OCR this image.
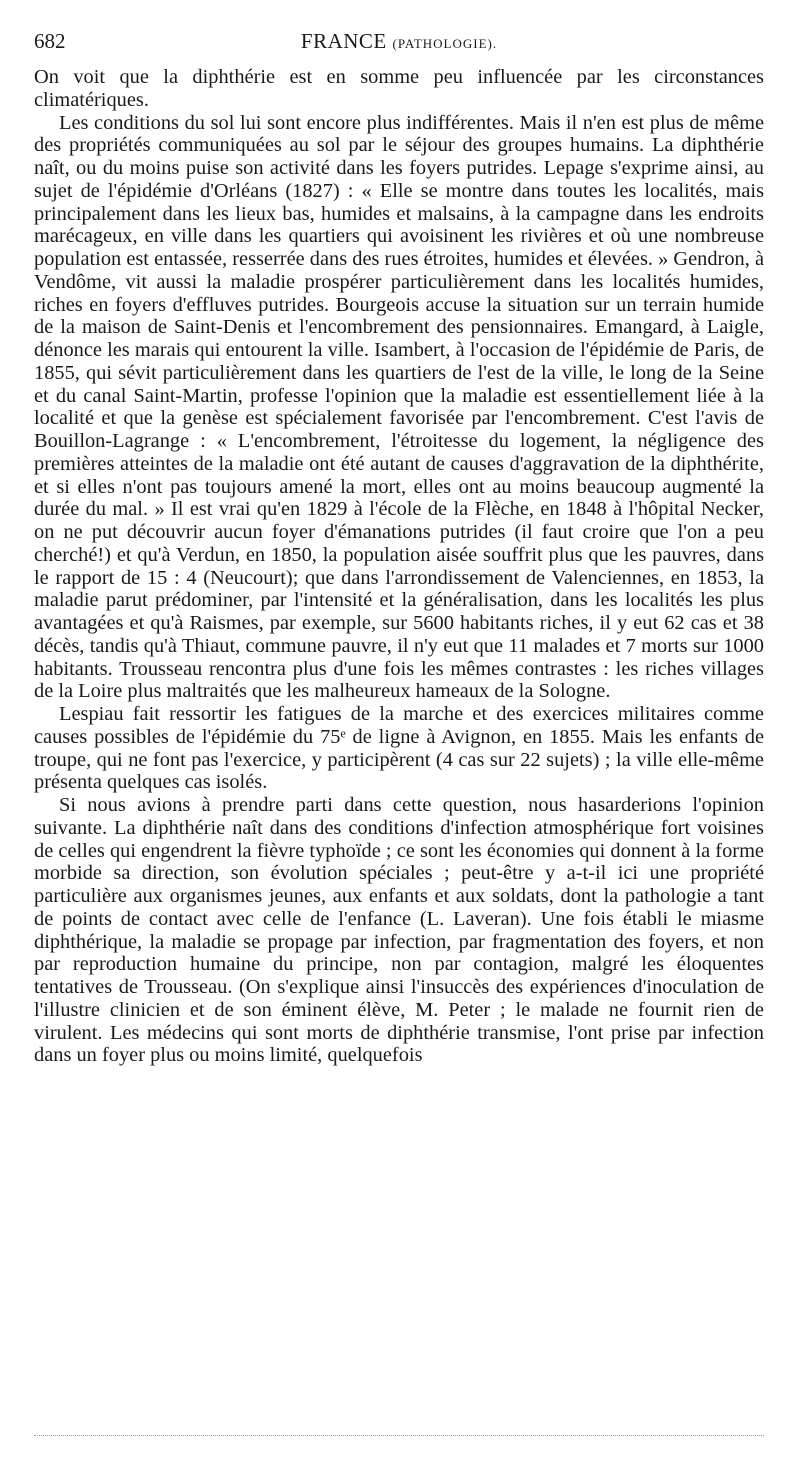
682	FRANCE (PATHOLOGIE).

On voit que la diphthérie est en somme peu influencée par les circonstances climatériques.

Les conditions du sol lui sont encore plus indifférentes. Mais il n'en est plus de même des propriétés communiquées au sol par le séjour des groupes humains. La diphthérie naît, ou du moins puise son activité dans les foyers putrides. Lepage s'exprime ainsi, au sujet de l'épidémie d'Orléans (1827) : « Elle se montre dans toutes les localités, mais principalement dans les lieux bas, humides et malsains, à la campagne dans les endroits marécageux, en ville dans les quartiers qui avoisinent les rivières et où une nombreuse population est entassée, resserrée dans des rues étroites, humides et élevées. » Gendron, à Vendôme, vit aussi la maladie prospérer particulièrement dans les localités humides, riches en foyers d'effluves putrides. Bourgeois accuse la situation sur un terrain humide de la maison de Saint-Denis et l'encombrement des pensionnaires. Emangard, à Laigle, dénonce les marais qui entourent la ville. Isambert, à l'occasion de l'épidémie de Paris, de 1855, qui sévit particulièrement dans les quartiers de l'est de la ville, le long de la Seine et du canal Saint-Martin, professe l'opinion que la maladie est essentiellement liée à la localité et que la genèse est spécialement favorisée par l'encombrement. C'est l'avis de Bouillon-Lagrange : « L'encombrement, l'étroitesse du logement, la négligence des premières atteintes de la maladie ont été autant de causes d'aggravation de la diphthérite, et si elles n'ont pas toujours amené la mort, elles ont au moins beaucoup augmenté la durée du mal. » Il est vrai qu'en 1829 à l'école de la Flèche, en 1848 à l'hôpital Necker, on ne put découvrir aucun foyer d'émanations putrides (il faut croire que l'on a peu cherché!) et qu'à Verdun, en 1850, la population aisée souffrit plus que les pauvres, dans le rapport de 15 : 4 (Neucourt); que dans l'arrondissement de Valenciennes, en 1853, la maladie parut prédominer, par l'intensité et la généralisation, dans les localités les plus avantagées et qu'à Raismes, par exemple, sur 5600 habitants riches, il y eut 62 cas et 38 décès, tandis qu'à Thiaut, commune pauvre, il n'y eut que 11 malades et 7 morts sur 1000 habitants. Trousseau rencontra plus d'une fois les mêmes contrastes : les riches villages de la Loire plus maltraités que les malheureux hameaux de la Sologne.

Lespiau fait ressortir les fatigues de la marche et des exercices militaires comme causes possibles de l'épidémie du 75ᵉ de ligne à Avignon, en 1855. Mais les enfants de troupe, qui ne font pas l'exercice, y participèrent (4 cas sur 22 sujets) ; la ville elle-même présenta quelques cas isolés.

Si nous avions à prendre parti dans cette question, nous hasarderions l'opinion suivante. La diphthérie naît dans des conditions d'infection atmosphérique fort voisines de celles qui engendrent la fièvre typhoïde ; ce sont les économies qui donnent à la forme morbide sa direction, son évolution spéciales ; peut-être y a-t-il ici une propriété particulière aux organismes jeunes, aux enfants et aux soldats, dont la pathologie a tant de points de contact avec celle de l'enfance (L. Laveran). Une fois établi le miasme diphthérique, la maladie se propage par infection, par fragmentation des foyers, et non par reproduction humaine du principe, non par contagion, malgré les éloquentes tentatives de Trousseau. (On s'explique ainsi l'insuccès des expériences d'inoculation de l'illustre clinicien et de son éminent élève, M. Peter ; le malade ne fournit rien de virulent. Les médecins qui sont morts de diphthérie transmise, l'ont prise par infection dans un foyer plus ou moins limité, quelquefois
